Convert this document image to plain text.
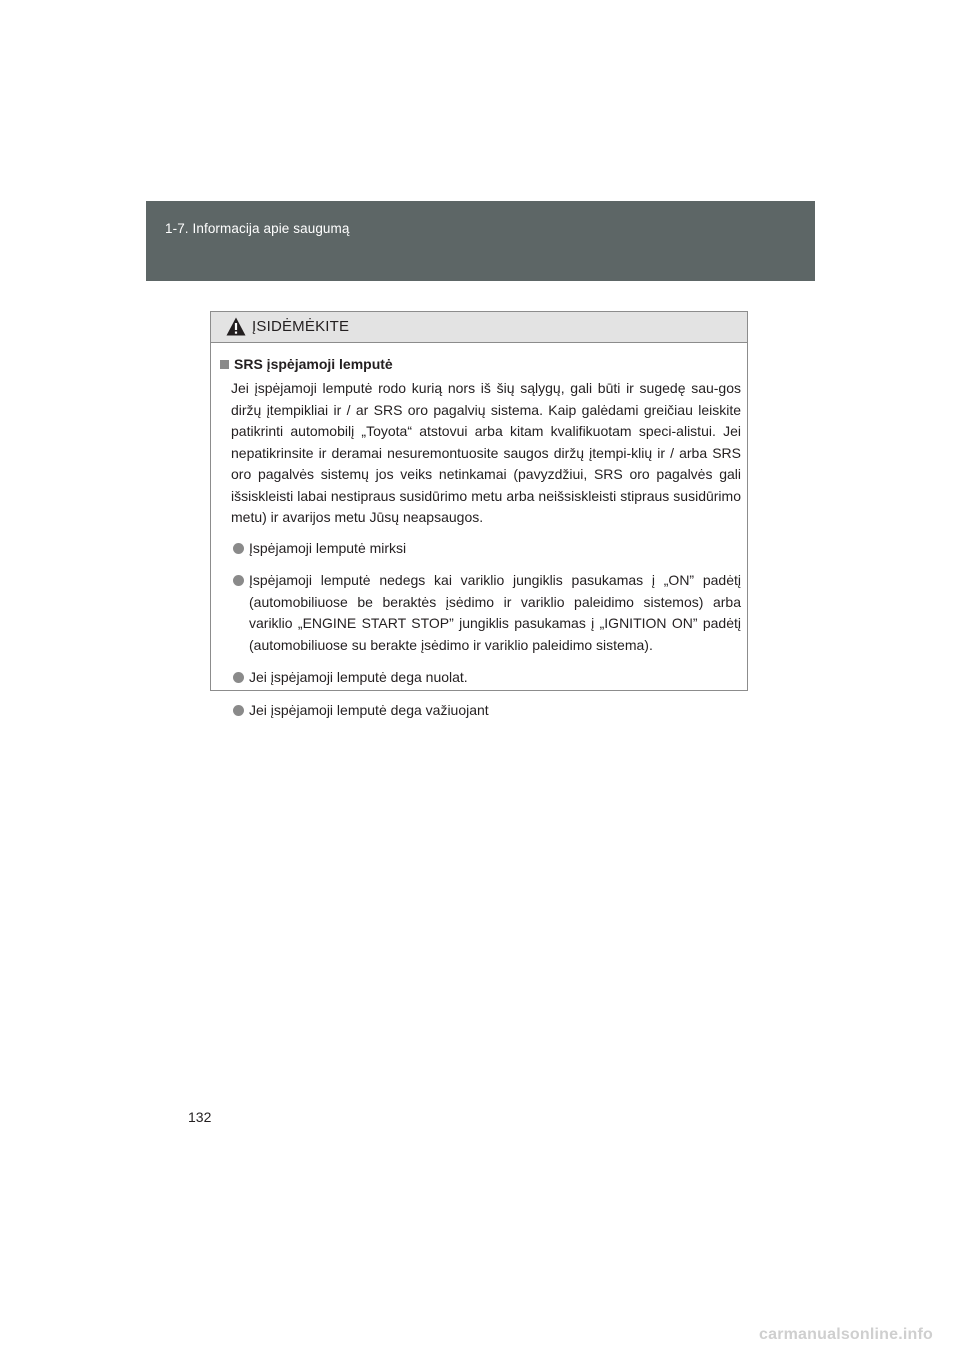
1-7. Informacija apie saugumą
ĮSIDĖMĖKITE
SRS įspėjamoji lemputė

Jei įspėjamoji lemputė rodo kurią nors iš šių sąlygų, gali būti ir sugedę sau-gos diržų įtempikliai ir / ar SRS oro pagalvių sistema. Kaip galėdami greičiau leiskite patikrinti automobilį „Toyota“ atstovui arba kitam kvalifikuotam speci-alistui. Jei nepatikrinsite ir deramai nesuremontuosite saugos diržų įtempi-klių ir / arba SRS oro pagalvės sistemų jos veiks netinkamai (pavyzdžiui, SRS oro pagalvės gali išsiskleisti labai nestipraus susidūrimo metu arba neišsiskleisti stipraus susidūrimo metu) ir avarijos metu Jūsų neapsaugos.

Įspėjamoji lemputė mirksi
Įspėjamoji lemputė nedegs kai variklio jungiklis pasukamas į „ON” padėtį (automobiliuose be beraktės įsėdimo ir variklio paleidimo sistemos) arba variklio „ENGINE START STOP” jungiklis pasukamas į „IGNITION ON” padėtį (automobiliuose su berakte įsėdimo ir variklio paleidimo sistema).
Jei įspėjamoji lemputė dega nuolat.
Jei įspėjamoji lemputė dega važiuojant
132
carmanualsonline.info
